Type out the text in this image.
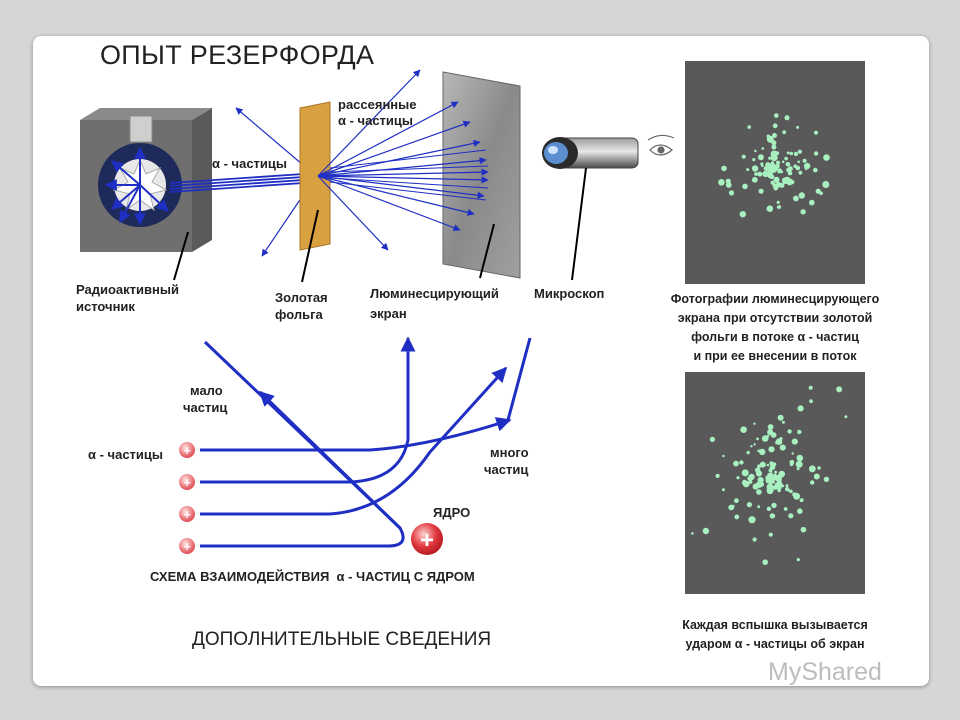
ОПЫТ РЕЗЕРФОРДА
+
+
+
+
+
α - частицы
рассеянные
α - частицы
Радиоактивный
источник
Золотая
фольга
Люминесцирующий
экран
Микроскоп	Фотографии люминесцирующего
экрана при отсутствии золотой
фольги в потоке α - частиц
и при ее внесении в поток
мало
частиц
α - частицы	много
частиц
ЯДРО
СХЕМА ВЗАИМОДЕЙСТВИЯ  α - ЧАСТИЦ С ЯДРОМ
ДОПОЛНИТЕЛЬНЫЕ СВЕДЕНИЯ
Каждая вспышка вызывается
ударом α - частицы об экран
MyShared
